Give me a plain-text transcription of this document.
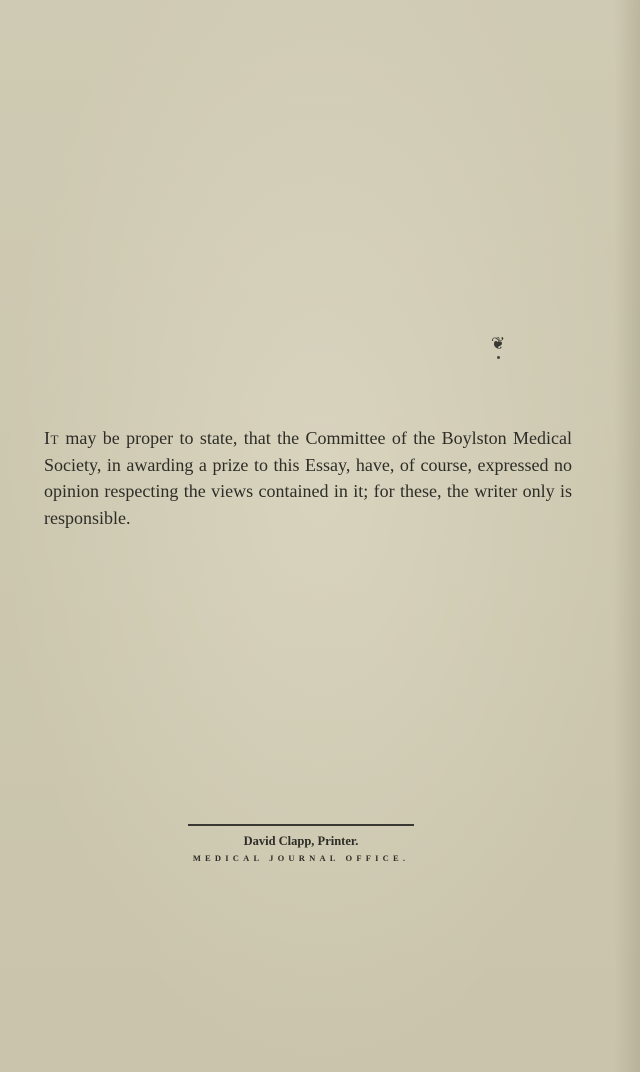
❦

It may be proper to state, that the Committee of the Boylston Medical Society, in awarding a prize to this Essay, have, of course, expressed no opinion respecting the views contained in it; for these, the writer only is responsible.

David Clapp, Printer.
MEDICAL JOURNAL OFFICE.
